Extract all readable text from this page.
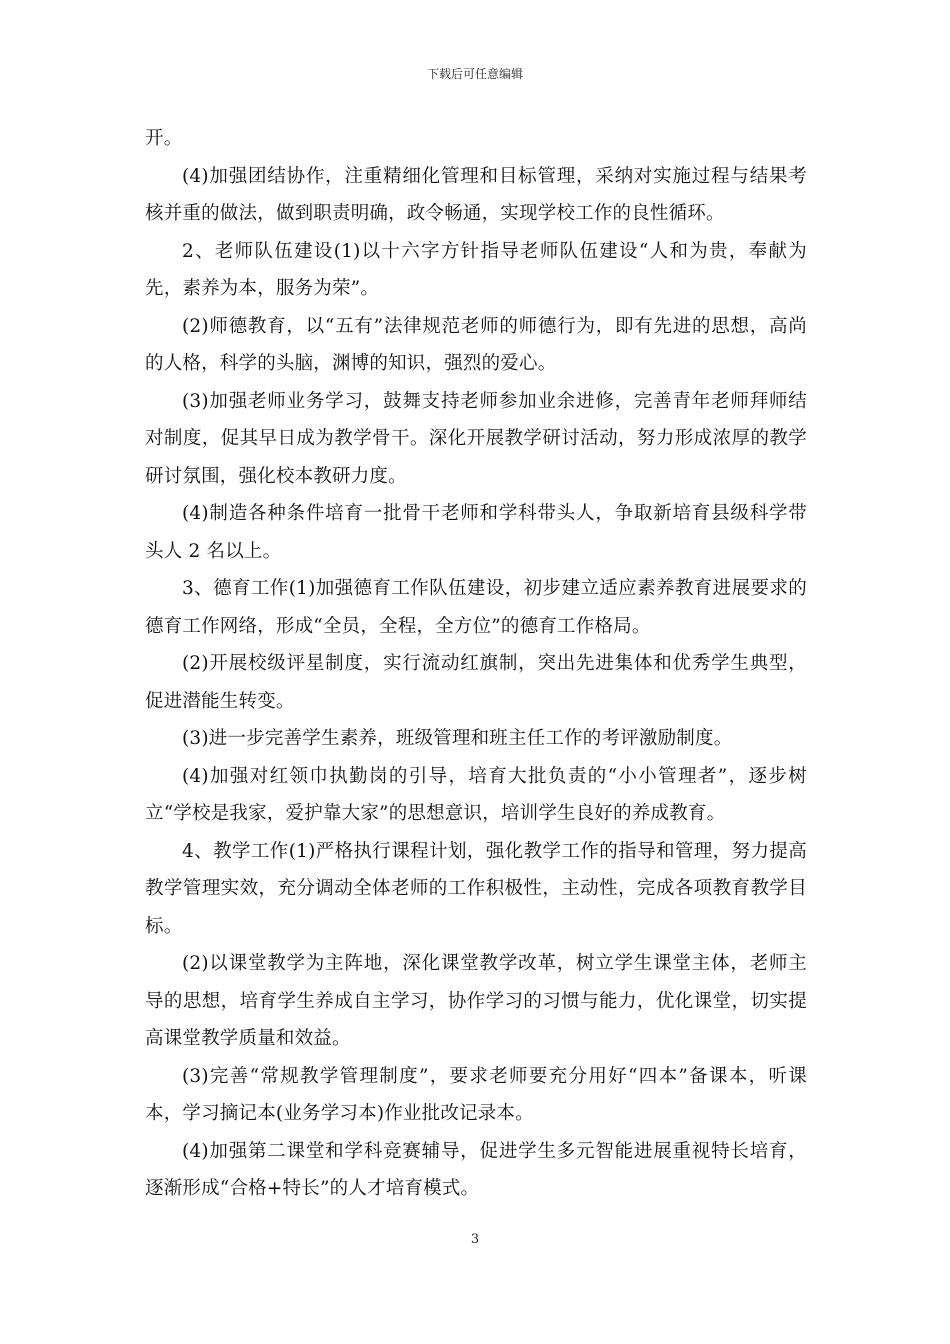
下载后可任意编辑

开。

(4)加强团结协作，注重精细化管理和目标管理，采纳对实施过程与结果考核并重的做法，做到职责明确，政令畅通，实现学校工作的良性循环。

2、老师队伍建设(1)以十六字方针指导老师队伍建设“人和为贵，奉献为先，素养为本，服务为荣”。

(2)师德教育，以“五有”法律规范老师的师德行为，即有先进的思想，高尚的人格，科学的头脑，渊博的知识，强烈的爱心。

(3)加强老师业务学习，鼓舞支持老师参加业余进修，完善青年老师拜师结对制度，促其早日成为教学骨干。深化开展教学研讨活动，努力形成浓厚的教学研讨氛围，强化校本教研力度。

(4)制造各种条件培育一批骨干老师和学科带头人，争取新培育县级科学带头人 2 名以上。

3、德育工作(1)加强德育工作队伍建设，初步建立适应素养教育进展要求的德育工作网络，形成“全员，全程，全方位”的德育工作格局。

(2)开展校级评星制度，实行流动红旗制，突出先进集体和优秀学生典型，促进潜能生转变。

(3)进一步完善学生素养，班级管理和班主任工作的考评激励制度。

(4)加强对红领巾执勤岗的引导，培育大批负责的“小小管理者”，逐步树立“学校是我家，爱护靠大家”的思想意识，培训学生良好的养成教育。

4、教学工作(1)严格执行课程计划，强化教学工作的指导和管理，努力提高教学管理实效，充分调动全体老师的工作积极性，主动性，完成各项教育教学目标。

(2)以课堂教学为主阵地，深化课堂教学改革，树立学生课堂主体，老师主导的思想，培育学生养成自主学习，协作学习的习惯与能力，优化课堂，切实提高课堂教学质量和效益。

(3)完善“常规教学管理制度”，要求老师要充分用好“四本”备课本，听课本，学习摘记本(业务学习本)作业批改记录本。

(4)加强第二课堂和学科竞赛辅导，促进学生多元智能进展重视特长培育，逐渐形成“合格+特长”的人才培育模式。

3
